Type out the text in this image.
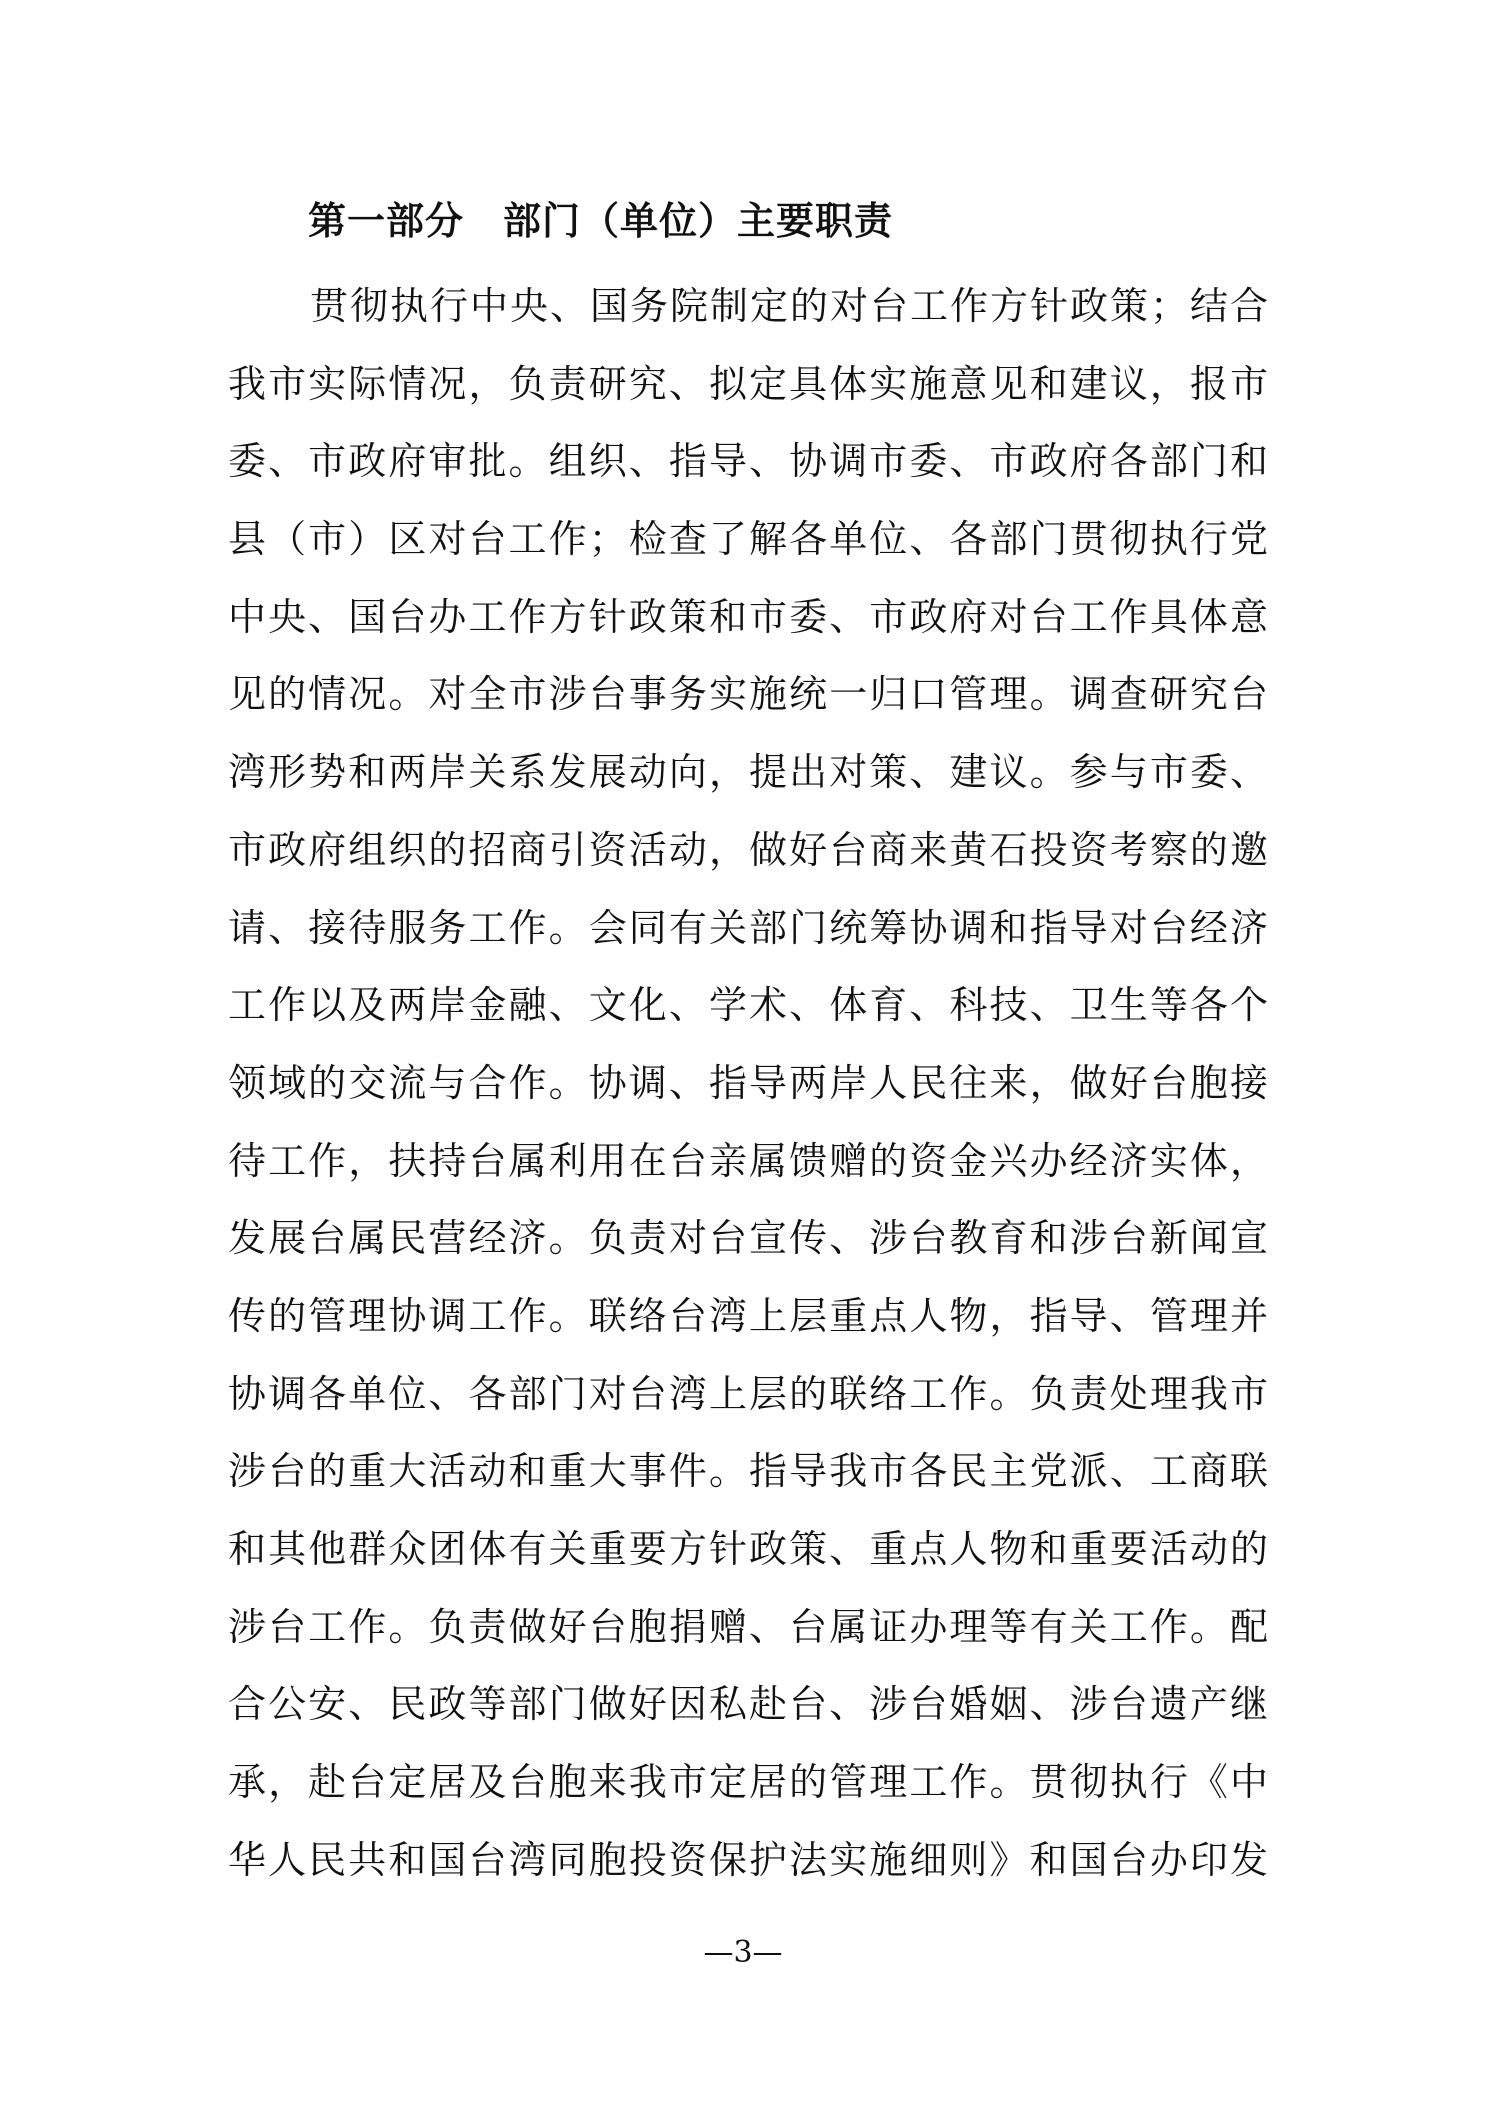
第一部分　部门（单位）主要职责
贯彻执行中央、国务院制定的对台工作方针政策；结合
我市实际情况，负责研究、拟定具体实施意见和建议，报市
委、市政府审批。组织、指导、协调市委、市政府各部门和
县（市）区对台工作；检查了解各单位、各部门贯彻执行党
中央、国台办工作方针政策和市委、市政府对台工作具体意
见的情况。对全市涉台事务实施统一归口管理。调查研究台
湾形势和两岸关系发展动向，提出对策、建议。参与市委、
市政府组织的招商引资活动，做好台商来黄石投资考察的邀
请、接待服务工作。会同有关部门统筹协调和指导对台经济
工作以及两岸金融、文化、学术、体育、科技、卫生等各个
领域的交流与合作。协调、指导两岸人民往来，做好台胞接
待工作，扶持台属利用在台亲属馈赠的资金兴办经济实体，
发展台属民营经济。负责对台宣传、涉台教育和涉台新闻宣
传的管理协调工作。联络台湾上层重点人物，指导、管理并
协调各单位、各部门对台湾上层的联络工作。负责处理我市
涉台的重大活动和重大事件。指导我市各民主党派、工商联
和其他群众团体有关重要方针政策、重点人物和重要活动的
涉台工作。负责做好台胞捐赠、台属证办理等有关工作。配
合公安、民政等部门做好因私赴台、涉台婚姻、涉台遗产继
承，赴台定居及台胞来我市定居的管理工作。贯彻执行《中
华人民共和国台湾同胞投资保护法实施细则》和国台办印发
—3—
